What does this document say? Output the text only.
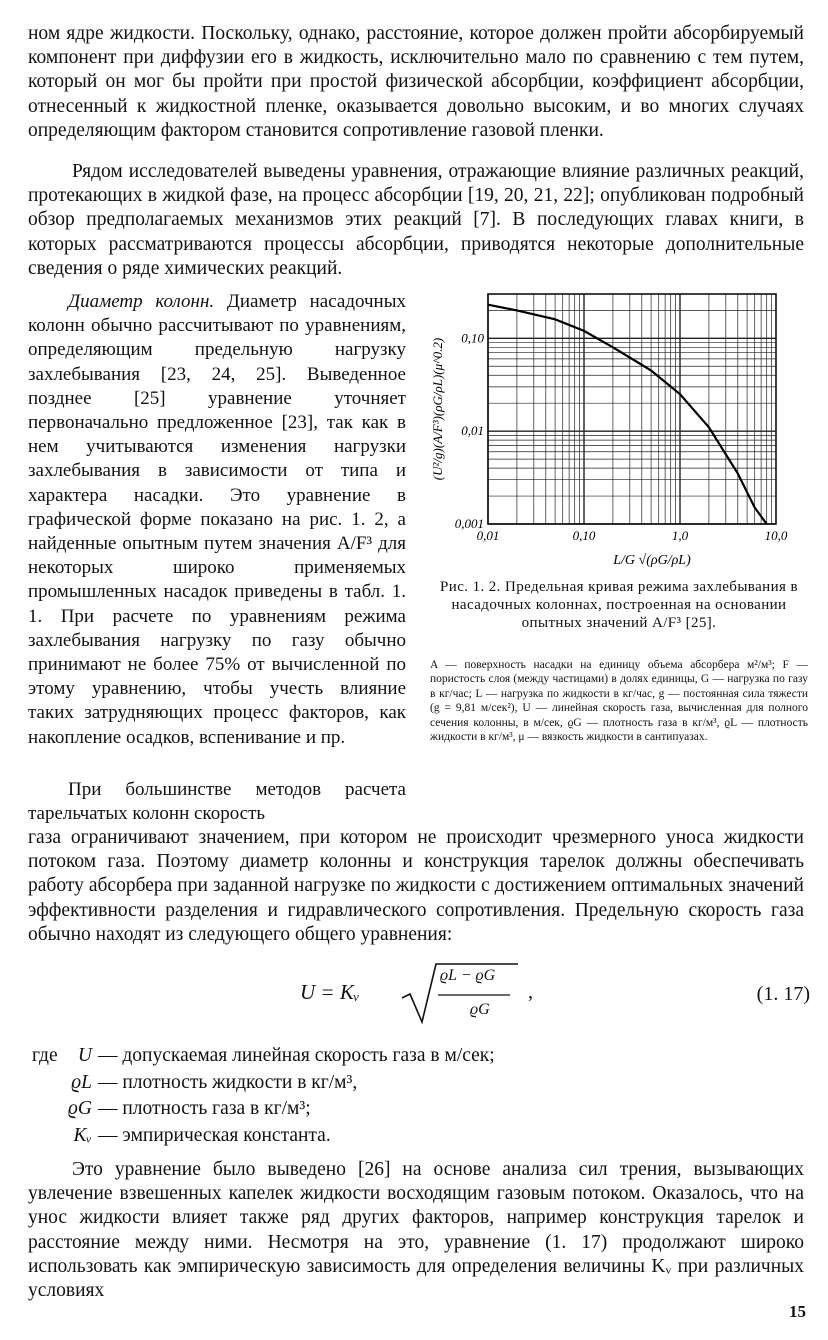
ном ядре жидкости. Поскольку, однако, расстояние, которое должен пройти абсорбируемый компонент при диффузии его в жидкость, исключительно мало по сравнению с тем путем, который он мог бы пройти при простой физической абсорбции, коэффициент абсорбции, отнесенный к жидкостной пленке, оказывается довольно высоким, и во многих случаях определяющим фактором становится сопротивление газовой пленки.

Рядом исследователей выведены уравнения, отражающие влияние различных реакций, протекающих в жидкой фазе, на процесс абсорбции [19, 20, 21, 22]; опубликован подробный обзор предполагаемых механизмов этих реакций [7]. В последующих главах книги, в которых рассматриваются процессы абсорбции, приводятся некоторые дополнительные сведения о ряде химических реакций.

Диаметр колонн. Диаметр насадочных колонн обычно рассчитывают по уравнениям, определяющим предельную нагрузку захлебывания [23, 24, 25]. Выведенное позднее [25] уравнение уточняет первоначально предложенное [23], так как в нем учитываются изменения нагрузки захлебывания в зависимости от типа и характера насадки. Это уравнение в графической форме показано на рис. 1. 2, а найденные опытным путем значения A/F³ для некоторых широко применяемых промышленных насадок приведены в табл. 1. 1. При расчете по уравнениям режима захлебывания нагрузку по газу обычно принимают не более 75% от вычисленной по этому уравнению, чтобы учесть влияние таких затрудняющих процесс факторов, как накопление осадков, вспенивание и пр.
При большинстве методов расчета тарельчатых колонн скорость
0,01	0,10	1,0	10,0
0,001
0,01
0,10
L/G √(ρG/ρL)
(U²/g)(A/F³)(ρG/ρL)(μ^0.2)
Рис. 1. 2. Предельная кривая режима захлебывания в насадочных колоннах, построенная на основании опытных значений A/F³ [25].
A — поверхность насадки на единицу объема абсорбера м²/м³; F — пористость слоя (между частицами) в долях единицы, G — нагрузка по газу в кг/час; L — нагрузка по жидкости в кг/час, g — постоянная сила тяжести (g = 9,81 м/сек²), U — линейная скорость газа, вычисленная для полного сечения колонны, в м/сек, ϱG — плотность газа в кг/м³, ϱL — плотность жидкости в кг/м³, μ — вязкость жидкости в сантипуазах.

газа ограничивают значением, при котором не происходит чрезмерного уноса жидкости потоком газа. Поэтому диаметр колонны и конструкция тарелок должны обеспечивать работу абсорбера при заданной нагрузке по жидкости с достижением оптимальных значений эффективности разделения и гидравлического сопротивления. Предельную скорость газа обычно находят из следующего общего уравнения:

U = Kᵥ
ϱL − ϱG
ϱG
,	(1. 17)
где	U — допускаемая линейная скорость газа в м/сек;
ϱL — плотность жидкости в кг/м³,
ϱG — плотность газа в кг/м³;
Kᵥ — эмпирическая константа.

Это уравнение было выведено [26] на основе анализа сил трения, вызывающих увлечение взвешенных капелек жидкости восходящим газовым потоком. Оказалось, что на унос жидкости влияет также ряд других факторов, например конструкция тарелок и расстояние между ними. Несмотря на это, уравнение (1. 17) продолжают широко использовать как эмпирическую зависимость для определения величины Kᵥ при различных условиях

15
